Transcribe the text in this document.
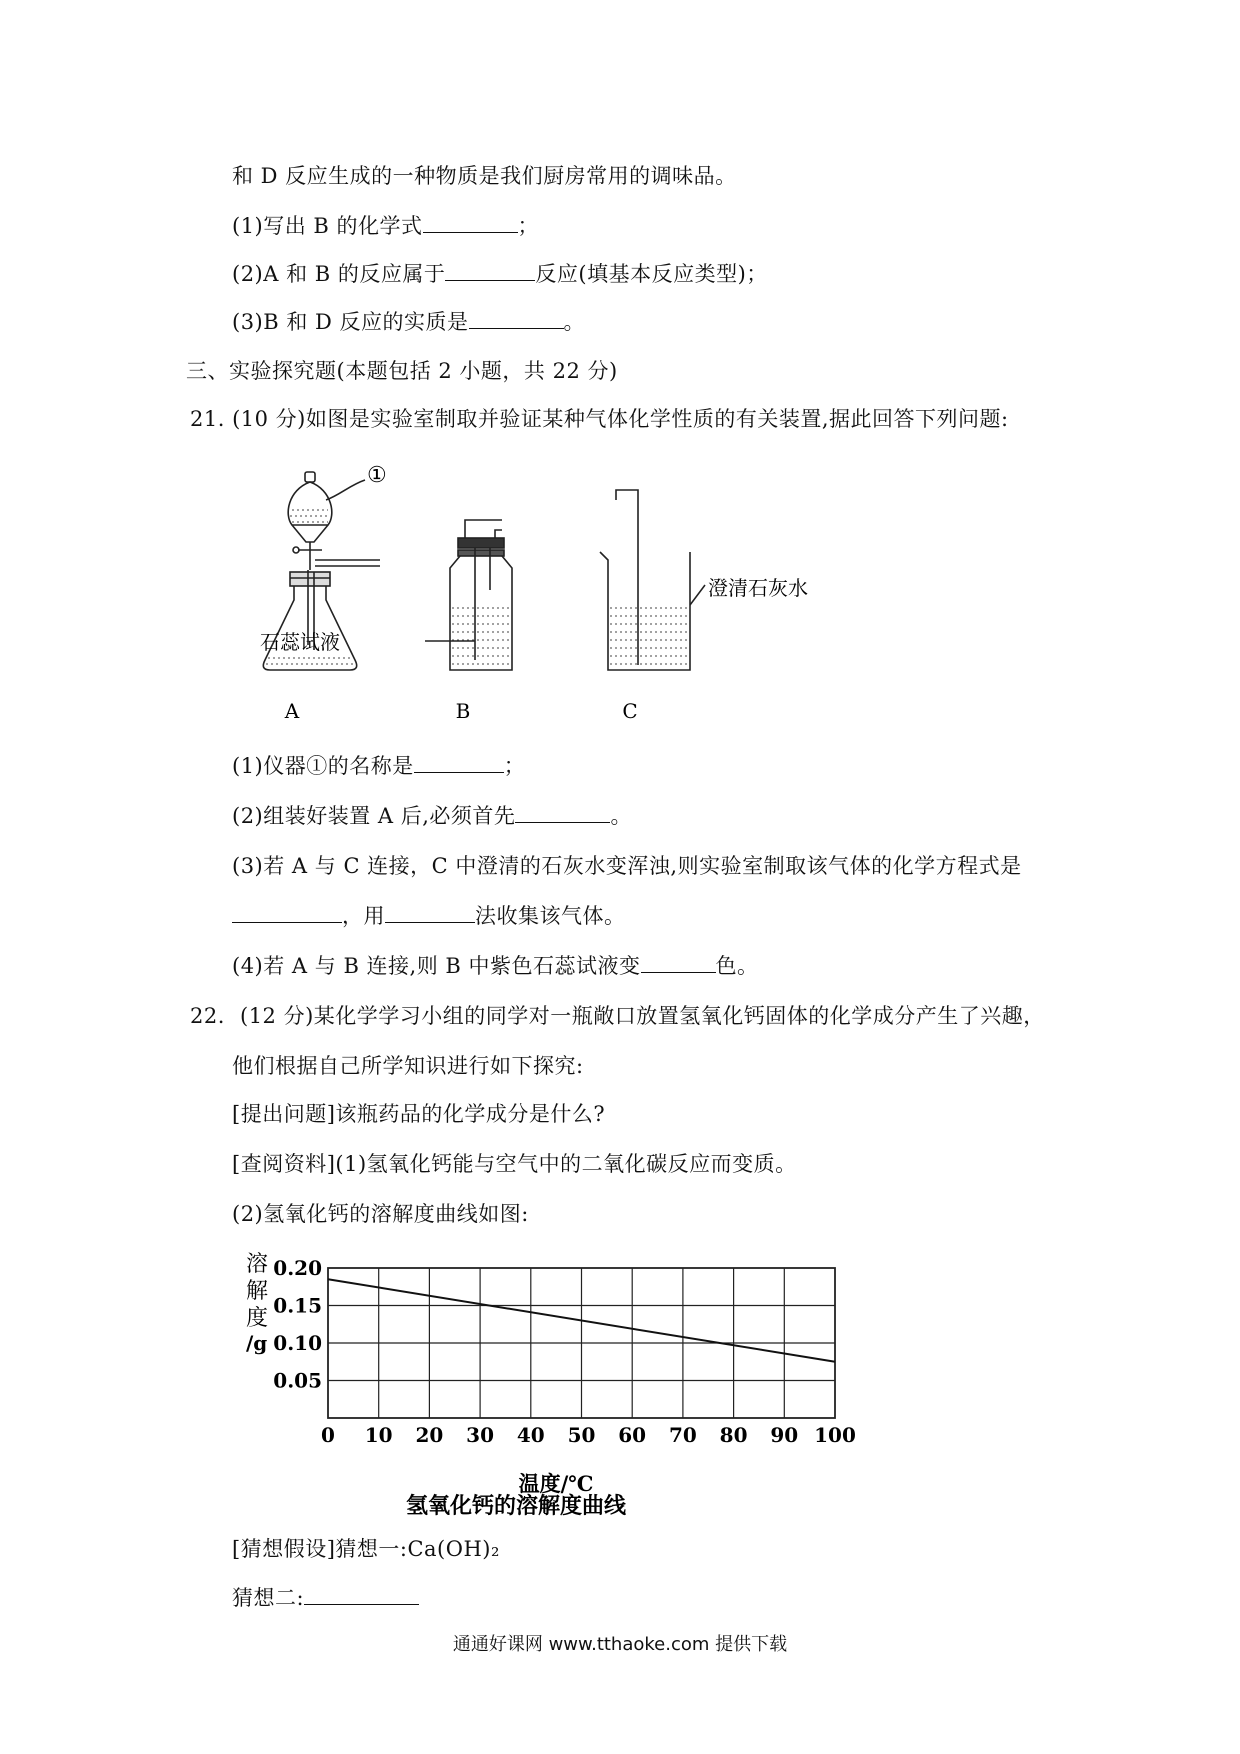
和 D 反应生成的一种物质是我们厨房常用的调味品。
(1)写出 B 的化学式	；
(2)A 和 B 的反应属于	反应(填基本反应类型)；
(3)B 和 D 反应的实质是	。
三、实验探究题(本题包括 2 小题，共 22 分)
21. (10 分)如图是实验室制取并验证某种气体化学性质的有关装置,据此回答下列问题:
①
石蕊试液
澄清石灰水
A	B	C
(1)仪器①的名称是	；
(2)组装好装置 A 后,必须首先	。
(3)若 A 与 C 连接，C 中澄清的石灰水变浑浊,则实验室制取该气体的化学方程式是
，用	法收集该气体。
(4)若 A 与 B 连接,则 B 中紫色石蕊试液变	色。
22. (12 分)某化学学习小组的同学对一瓶敞口放置氢氧化钙固体的化学成分产生了兴趣，
他们根据自己所学知识进行如下探究:
[提出问题]该瓶药品的化学成分是什么?
[查阅资料](1)氢氧化钙能与空气中的二氧化碳反应而变质。
(2)氢氧化钙的溶解度曲线如图:
0 10 20 30 40 50 60 70 80 90 100
0.20
0.15
0.10
0.05
溶
解
度
/g
温度/℃
氢氧化钙的溶解度曲线
[猜想假设]猜想一:Ca(OH)₂
猜想二:
通通好课网 www.tthaoke.com 提供下载
